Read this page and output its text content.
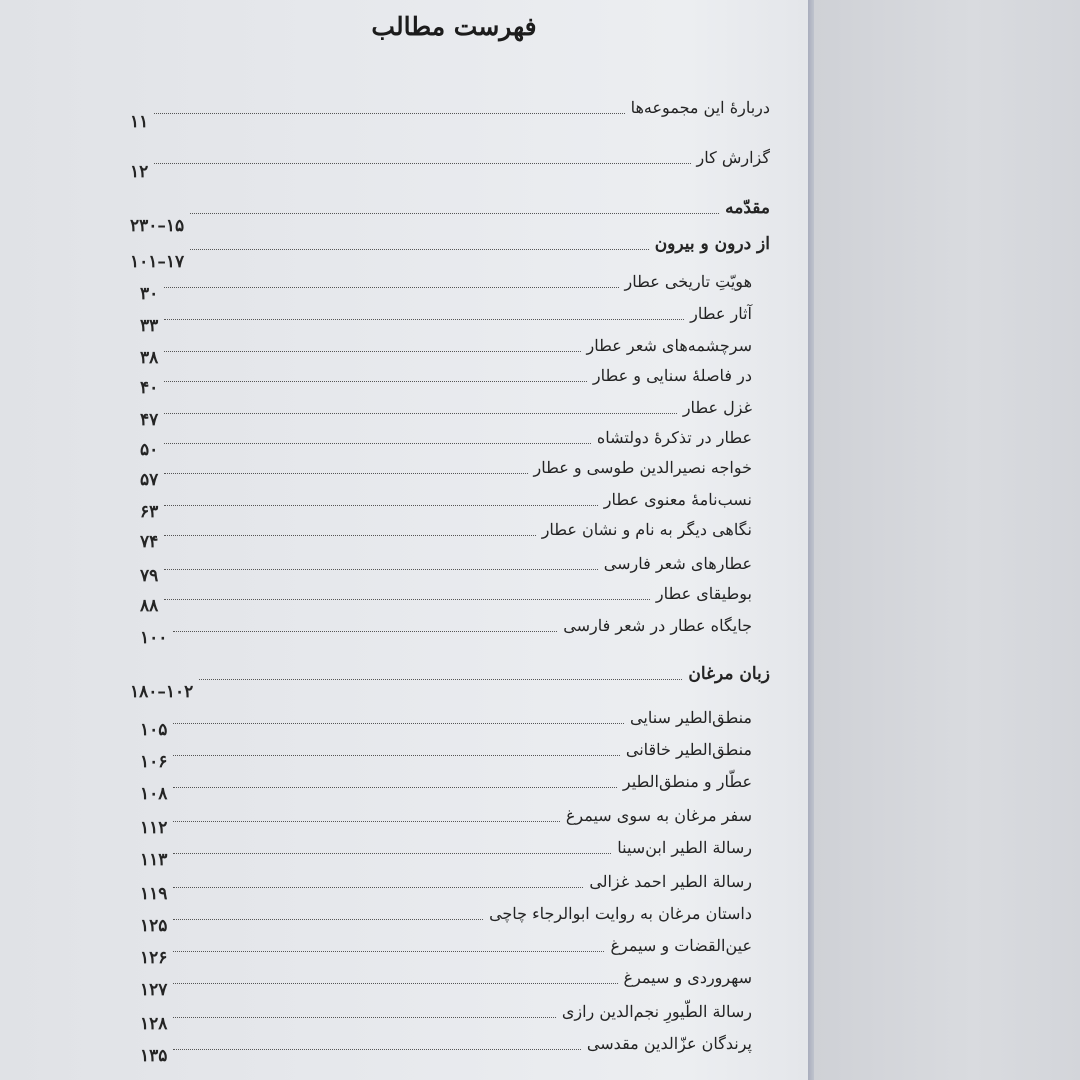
فهرست مطالب
دربارهٔ این مجموعه‌ها
۱۱
گزارش کار
۱۲
مقدّمه
۱۵–۲۳۰
از درون و بیرون
۱۷–۱۰۱
هویّتِ تاریخی عطار
۳۰
آثار عطار
۳۳
سرچشمه‌های شعر عطار
۳۸
در فاصلهٔ سنایی و عطار
۴۰
غزل عطار
۴۷
عطار در تذکرهٔ دولتشاه
۵۰
خواجه نصیرالدین طوسی و عطار
۵۷
نسب‌نامهٔ معنوی عطار
۶۳
نگاهی دیگر به نام و نشان عطار
۷۴
عطارهای شعر فارسی
۷۹
بوطیقای عطار
۸۸
جایگاه عطار در شعر فارسی
۱۰۰
زبان مرغان
۱۰۲–۱۸۰
منطق‌الطیر سنایی
۱۰۵
منطق‌الطیر خاقانی
۱۰۶
عطّار و منطق‌الطیر
۱۰۸
سفر مرغان به سوی سیمرغ
۱۱۲
رسالة الطیر ابن‌سینا
۱۱۳
رسالة الطیر احمد غزالی
۱۱۹
داستان مرغان به روایت ابوالرجاء چاچی
۱۲۵
عین‌القضات و سیمرغ
۱۲۶
سهروردی و سیمرغ
۱۲۷
رسالة الطّیورِ نجم‌الدین رازی
۱۲۸
پرندگان عزّالدین مقدسی
۱۳۵
